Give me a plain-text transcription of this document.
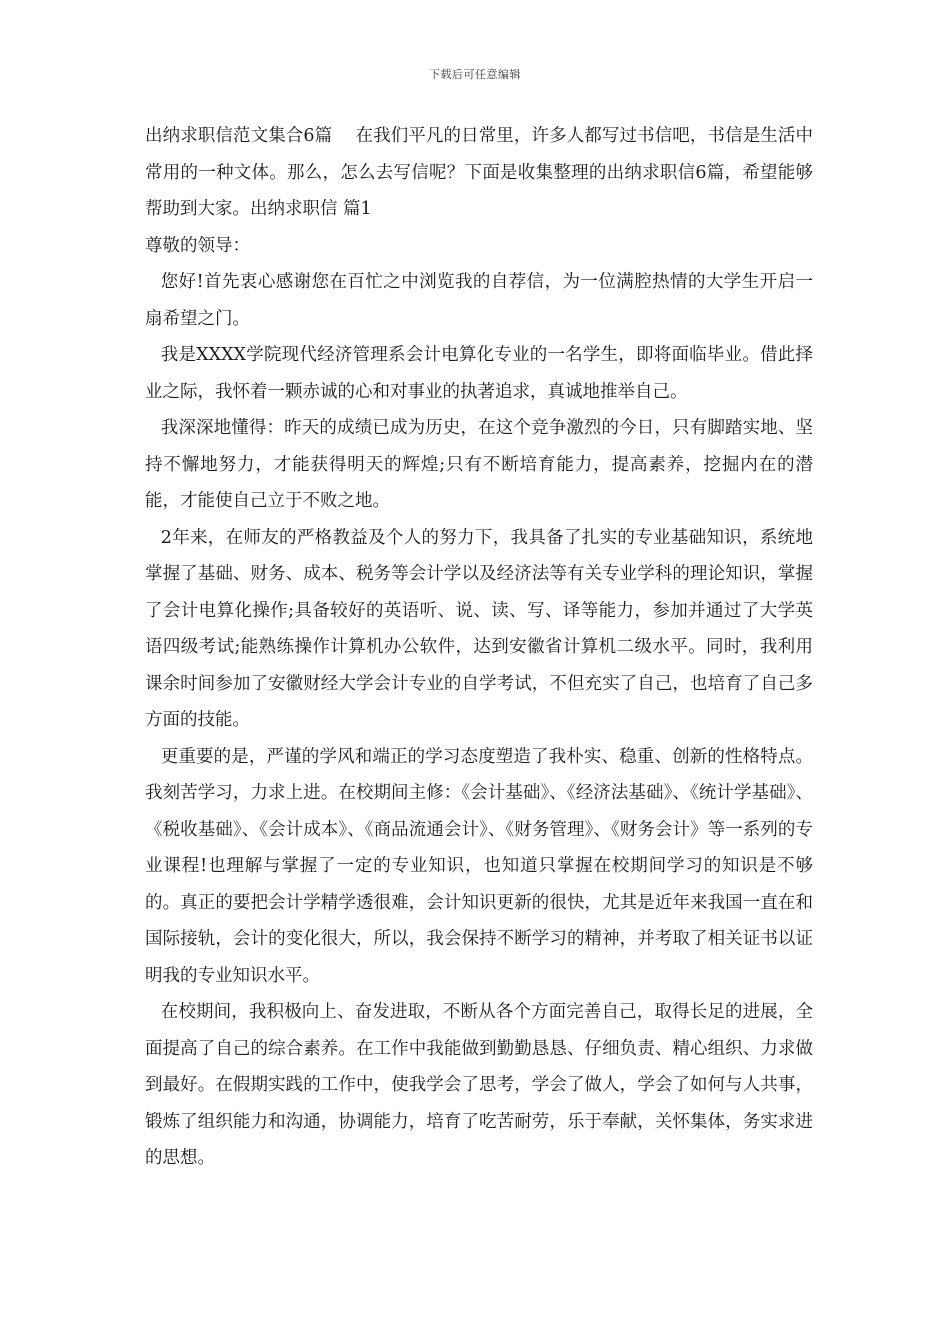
下载后可任意编辑

出纳求职信范文集合6篇　 在我们平凡的日常里，许多人都写过书信吧，书信是生活中常用的一种文体。那么，怎么去写信呢？下面是收集整理的出纳求职信6篇，希望能够帮助到大家。出纳求职信 篇1

尊敬的领导：

您好!首先衷心感谢您在百忙之中浏览我的自荐信，为一位满腔热情的大学生开启一扇希望之门。

我是XXXX学院现代经济管理系会计电算化专业的一名学生，即将面临毕业。借此择业之际，我怀着一颗赤诚的心和对事业的执著追求，真诚地推举自己。

我深深地懂得：昨天的成绩已成为历史，在这个竞争激烈的今日，只有脚踏实地、坚持不懈地努力，才能获得明天的辉煌;只有不断培育能力，提高素养，挖掘内在的潜能，才能使自己立于不败之地。

2年来，在师友的严格教益及个人的努力下，我具备了扎实的专业基础知识，系统地掌握了基础、财务、成本、税务等会计学以及经济法等有关专业学科的理论知识，掌握了会计电算化操作;具备较好的英语听、说、读、写、译等能力，参加并通过了大学英语四级考试;能熟练操作计算机办公软件，达到安徽省计算机二级水平。同时，我利用课余时间参加了安徽财经大学会计专业的自学考试，不但充实了自己，也培育了自己多方面的技能。

更重要的是，严谨的学风和端正的学习态度塑造了我朴实、稳重、创新的性格特点。我刻苦学习，力求上进。在校期间主修：《会计基础》、《经济法基础》、《统计学基础》、《税收基础》、《会计成本》、《商品流通会计》、《财务管理》、《财务会计》等一系列的专业课程!也理解与掌握了一定的专业知识，也知道只掌握在校期间学习的知识是不够的。真正的要把会计学精学透很难，会计知识更新的很快，尤其是近年来我国一直在和国际接轨，会计的变化很大，所以，我会保持不断学习的精神，并考取了相关证书以证明我的专业知识水平。

在校期间，我积极向上、奋发进取，不断从各个方面完善自己，取得长足的进展，全面提高了自己的综合素养。在工作中我能做到勤勤恳恳、仔细负责、精心组织、力求做到最好。在假期实践的工作中，使我学会了思考，学会了做人，学会了如何与人共事，锻炼了组织能力和沟通，协调能力，培育了吃苦耐劳，乐于奉献，关怀集体，务实求进的思想。
